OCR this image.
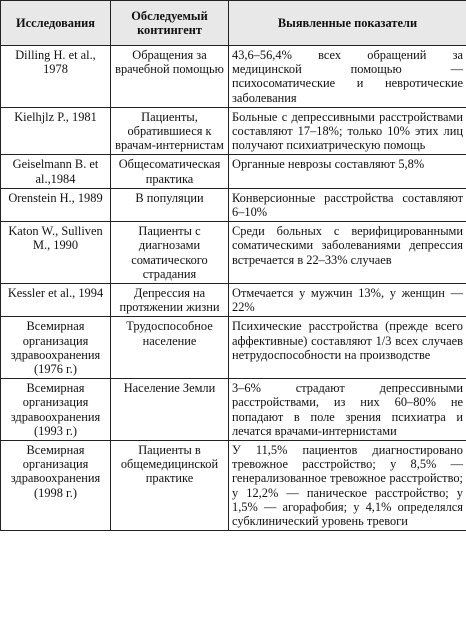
Исследования	Обследуемый контингент	Выявленные показатели
Dilling H. et al., 1978	Обращения за врачебной помощью	43,6–56,4% всех обращений за медицинской помощью — психосоматические и невротические заболевания
Kielhjlz P., 1981	Пациенты, обратившиеся к врачам-интернистам	Больные с депрессивными расстройствами составляют 17–18%; только 10% этих лиц получают психиатрическую помощь
Geiselmann B. et al.,1984	Общесоматическая практика	Органные неврозы составляют 5,8%
Orenstein H., 1989	В популяции	Конверсионные расстройства составляют 6–10%
Katon W., Sulliven M., 1990	Пациенты с диагнозами соматического страдания	Среди больных с верифицированными соматическими заболеваниями депрессия встречается в 22–33% случаев
Kessler et al., 1994	Депрессия на протяжении жизни	Отмечается у мужчин 13%, у женщин — 22%
Всемирная организация здравоохранения (1976 г.)	Трудоспособное население	Психические расстройства (прежде всего аффективные) составляют 1/3 всех случаев нетрудоспособности на производстве
Всемирная организация здравоохранения (1993 г.)	Население Земли	3–6% страдают депрессивными расстройствами, из них 60–80% не попадают в поле зрения психиатра и лечатся врачами-интернистами
Всемирная организация здравоохранения (1998 г.)	Пациенты в общемедицинской практике	У 11,5% пациентов диагностировано тревожное расстройство; у 8,5% — генерализованное тревожное расстройство; у 12,2% — паническое расстройство; у 1,5% — агорафобия; у 4,1% определялся субклинический уровень тревоги
